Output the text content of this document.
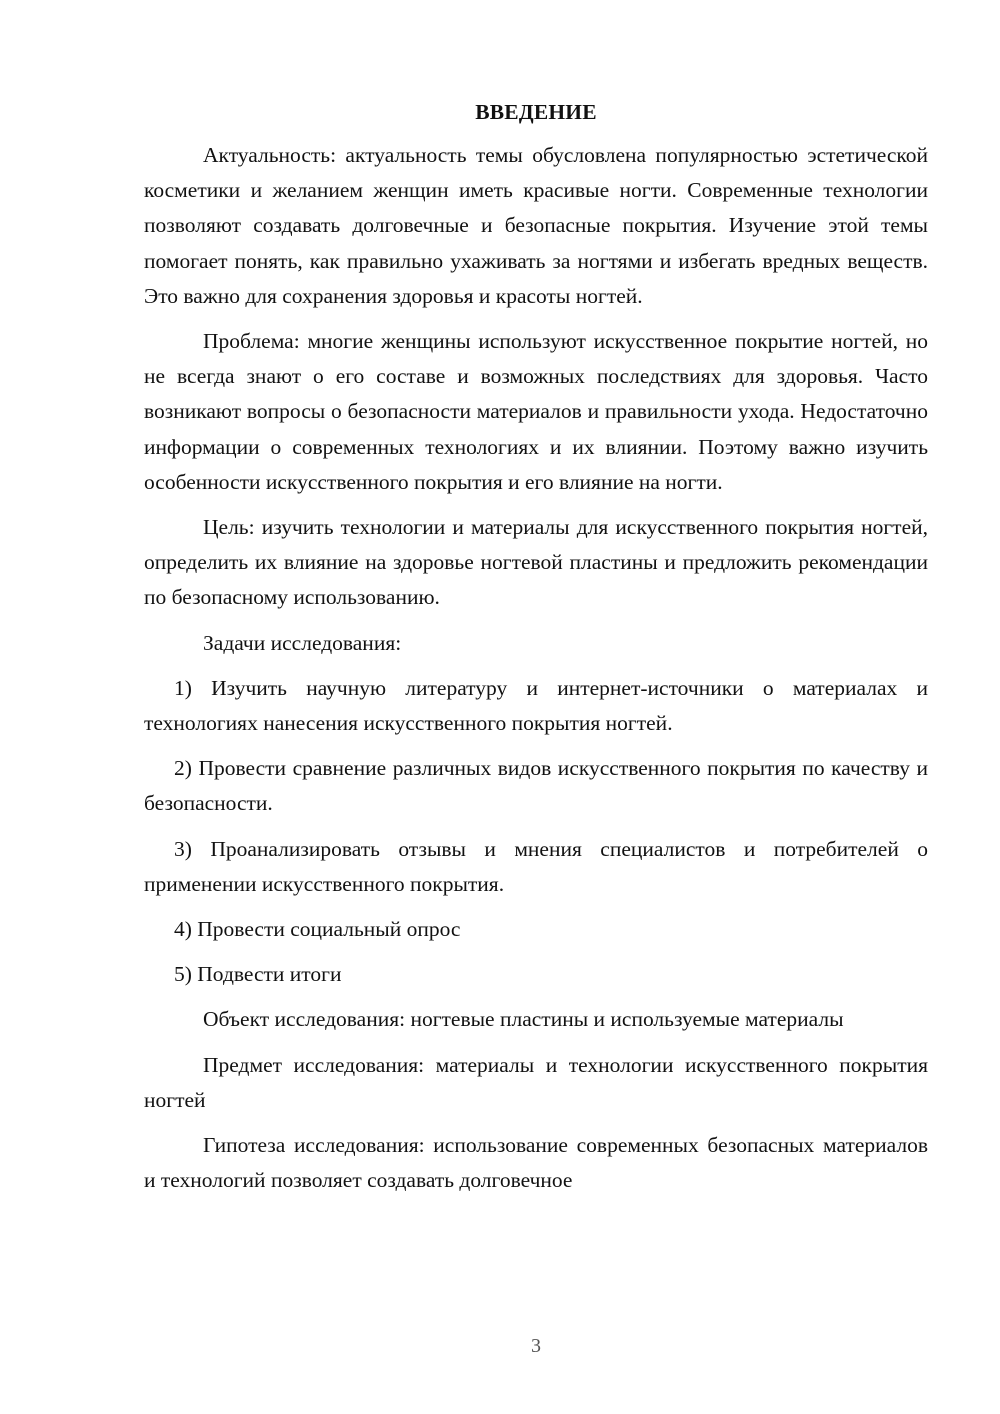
ВВЕДЕНИЕ

Актуальность: актуальность темы обусловлена популярностью эстетической косметики и желанием женщин иметь красивые ногти. Современные технологии позволяют создавать долговечные и безопасные покрытия. Изучение этой темы помогает понять, как правильно ухаживать за ногтями и избегать вредных веществ. Это важно для сохранения здоровья и красоты ногтей.

Проблема: многие женщины используют искусственное покрытие ногтей, но не всегда знают о его составе и возможных последствиях для здоровья. Часто возникают вопросы о безопасности материалов и правильности ухода. Недостаточно информации о современных технологиях и их влиянии. Поэтому важно изучить особенности искусственного покрытия и его влияние на ногти.

Цель: изучить технологии и материалы для искусственного покрытия ногтей, определить их влияние на здоровье ногтевой пластины и предложить рекомендации по безопасному использованию.

Задачи исследования:

1) Изучить научную литературу и интернет-источники о материалах и технологиях нанесения искусственного покрытия ногтей.

2) Провести сравнение различных видов искусственного покрытия по качеству и безопасности.

3) Проанализировать отзывы и мнения специалистов и потребителей о применении искусственного покрытия.

4) Провести социальный опрос

5) Подвести итоги

Объект исследования: ногтевые пластины и используемые материалы

Предмет исследования: материалы и технологии искусственного покрытия ногтей

Гипотеза исследования: использование современных безопасных материалов и технологий позволяет создавать долговечное

3
